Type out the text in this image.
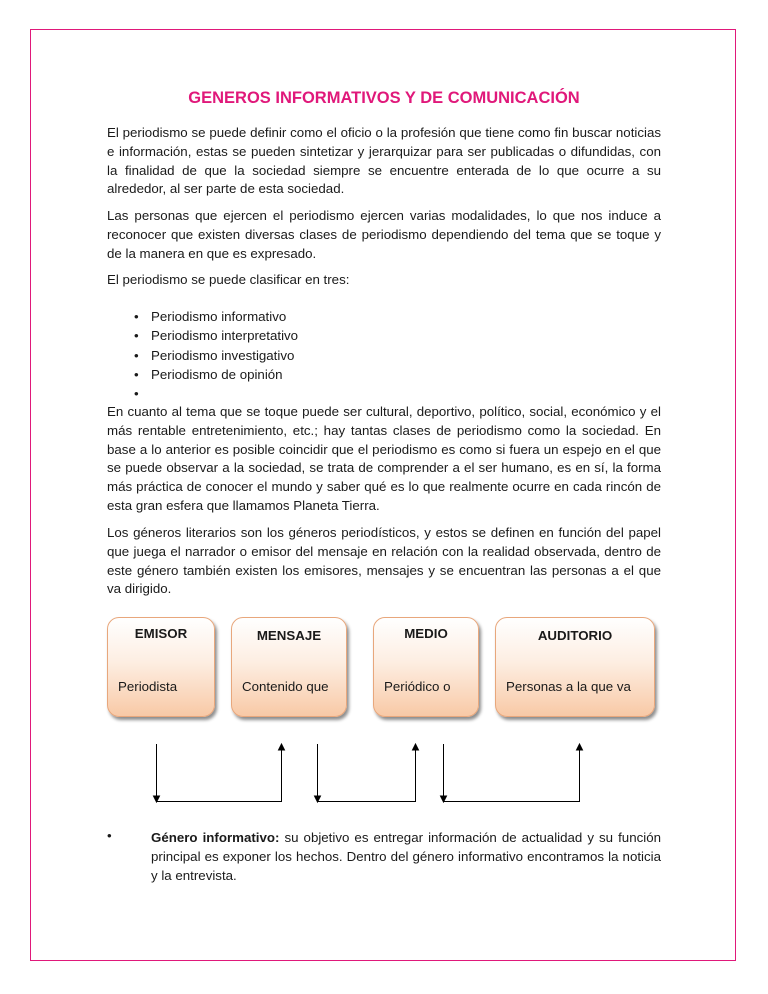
GENEROS INFORMATIVOS Y DE COMUNICACIÓN

El periodismo se puede definir como el oficio o la profesión que tiene como fin buscar noticias e información, estas se pueden sintetizar y jerarquizar para ser publicadas o difundidas, con la finalidad de que la sociedad siempre se encuentre enterada de lo que ocurre a su alrededor, al ser parte de esta sociedad.

Las personas que ejercen el periodismo ejercen varias modalidades, lo que nos induce a reconocer que existen diversas clases de periodismo dependiendo del tema que se toque y de la manera en que es expresado.

El periodismo se puede clasificar en tres:

• Periodismo informativo
• Periodismo interpretativo
• Periodismo investigativo
• Periodismo de opinión
•

En cuanto al tema que se toque puede ser cultural, deportivo, político, social, económico y el más rentable entretenimiento, etc.; hay tantas clases de periodismo como la sociedad. En base a lo anterior es posible coincidir que el periodismo es como si fuera un espejo en el que se puede observar a la sociedad, se trata de comprender a el ser humano, es en sí, la forma más práctica de conocer el mundo y saber qué es lo que realmente ocurre en cada rincón de esta gran esfera que llamamos Planeta Tierra.

Los géneros literarios son los géneros periodísticos, y estos se definen en función del papel que juega el narrador o emisor del mensaje en relación con la realidad observada, dentro de este género también existen los emisores, mensajes y se encuentran las personas a el que va dirigido.

EMISOR
Periodista
MENSAJE
Contenido que
MEDIO
Periódico o
AUDITORIO
Personas a la que va
•	Género informativo: su objetivo es entregar información de actualidad y su función principal es exponer los hechos. Dentro del género informativo encontramos la noticia y la entrevista.
